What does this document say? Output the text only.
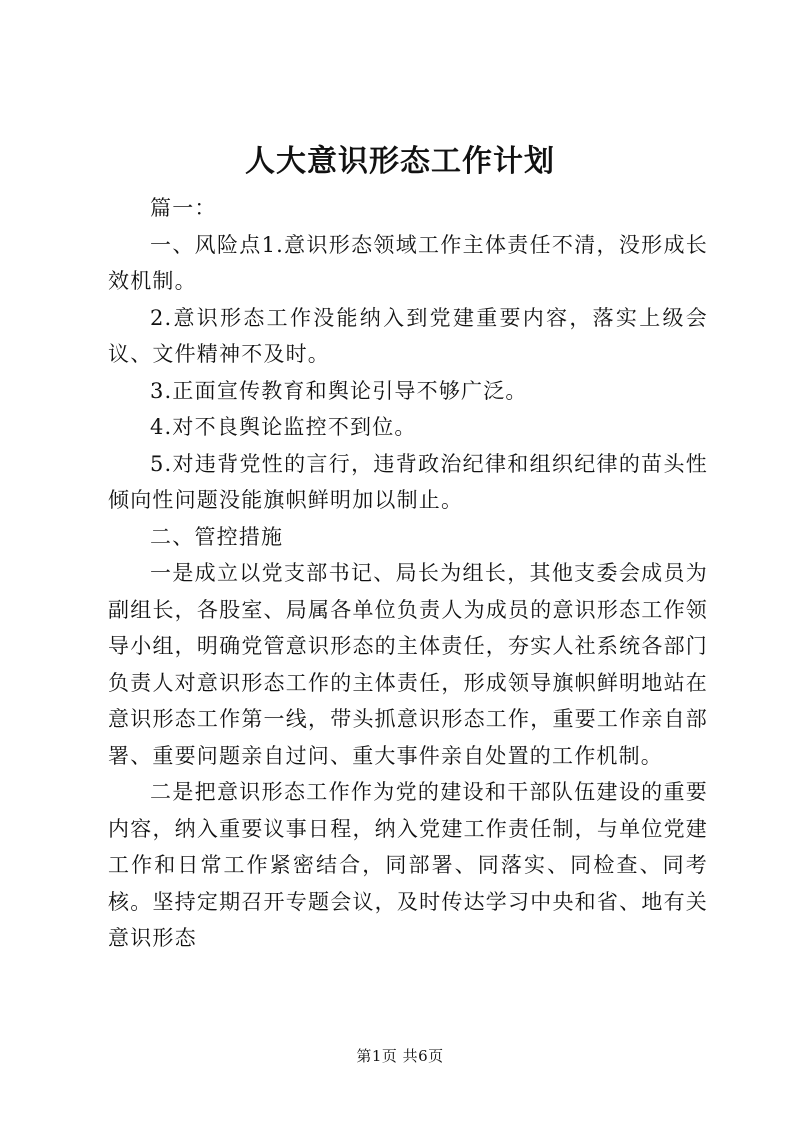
人大意识形态工作计划

篇一：

一、风险点1.意识形态领域工作主体责任不清，没形成长效机制。

2.意识形态工作没能纳入到党建重要内容，落实上级会议、文件精神不及时。

3.正面宣传教育和舆论引导不够广泛。

4.对不良舆论监控不到位。

5.对违背党性的言行，违背政治纪律和组织纪律的苗头性倾向性问题没能旗帜鲜明加以制止。

二、管控措施

一是成立以党支部书记、局长为组长，其他支委会成员为副组长，各股室、局属各单位负责人为成员的意识形态工作领导小组，明确党管意识形态的主体责任，夯实人社系统各部门负责人对意识形态工作的主体责任，形成领导旗帜鲜明地站在意识形态工作第一线，带头抓意识形态工作，重要工作亲自部署、重要问题亲自过问、重大事件亲自处置的工作机制。

二是把意识形态工作作为党的建设和干部队伍建设的重要内容，纳入重要议事日程，纳入党建工作责任制，与单位党建工作和日常工作紧密结合，同部署、同落实、同检查、同考核。坚持定期召开专题会议，及时传达学习中央和省、地有关意识形态

第1页 共6页
